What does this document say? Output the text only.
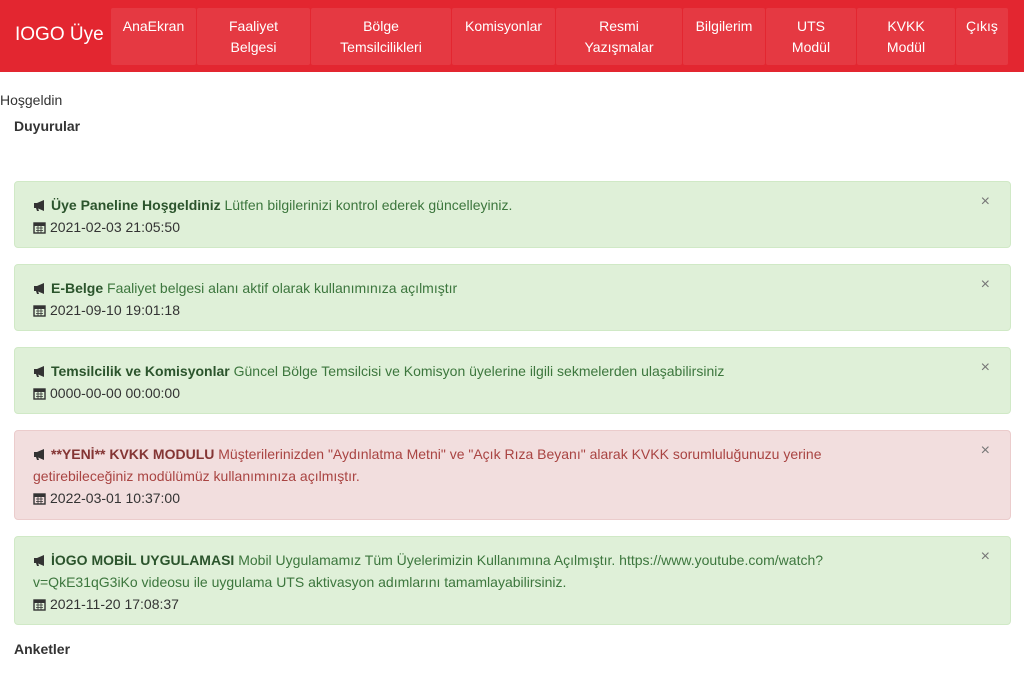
IOGO Üye	AnaEkran	Faaliyet
Belgesi
Bölge
Temsilcilikleri
Komisyonlar	Resmi
Yazışmalar
Bilgilerim	UTS
Modül
KVKK
Modül
Çıkış
Hoşgeldin
Duyurular
Üye Paneline Hoşgeldiniz Lütfen bilgilerinizi kontrol ederek güncelleyiniz.
2021-02-03 21:05:50
×
E-Belge Faaliyet belgesi alanı aktif olarak kullanımınıza açılmıştır
2021-09-10 19:01:18
×
Temsilcilik ve Komisyonlar Güncel Bölge Temsilcisi ve Komisyon üyelerine ilgili sekmelerden ulaşabilirsiniz
0000-00-00 00:00:00
×
**YENİ** KVKK MODULU Müşterilerinizden "Aydınlatma Metni" ve "Açık Rıza Beyanı" alarak KVKK sorumluluğunuzu yerine
getirebileceğiniz modülümüz kullanımınıza açılmıştır.
2022-03-01 10:37:00
×
İOGO MOBİL UYGULAMASI Mobil Uygulamamız Tüm Üyelerimizin Kullanımına Açılmıştır. https://www.youtube.com/watch?
v=QkE31qG3iKo videosu ile uygulama UTS aktivasyon adımlarını tamamlayabilirsiniz.
2021-11-20 17:08:37
×
Anketler
